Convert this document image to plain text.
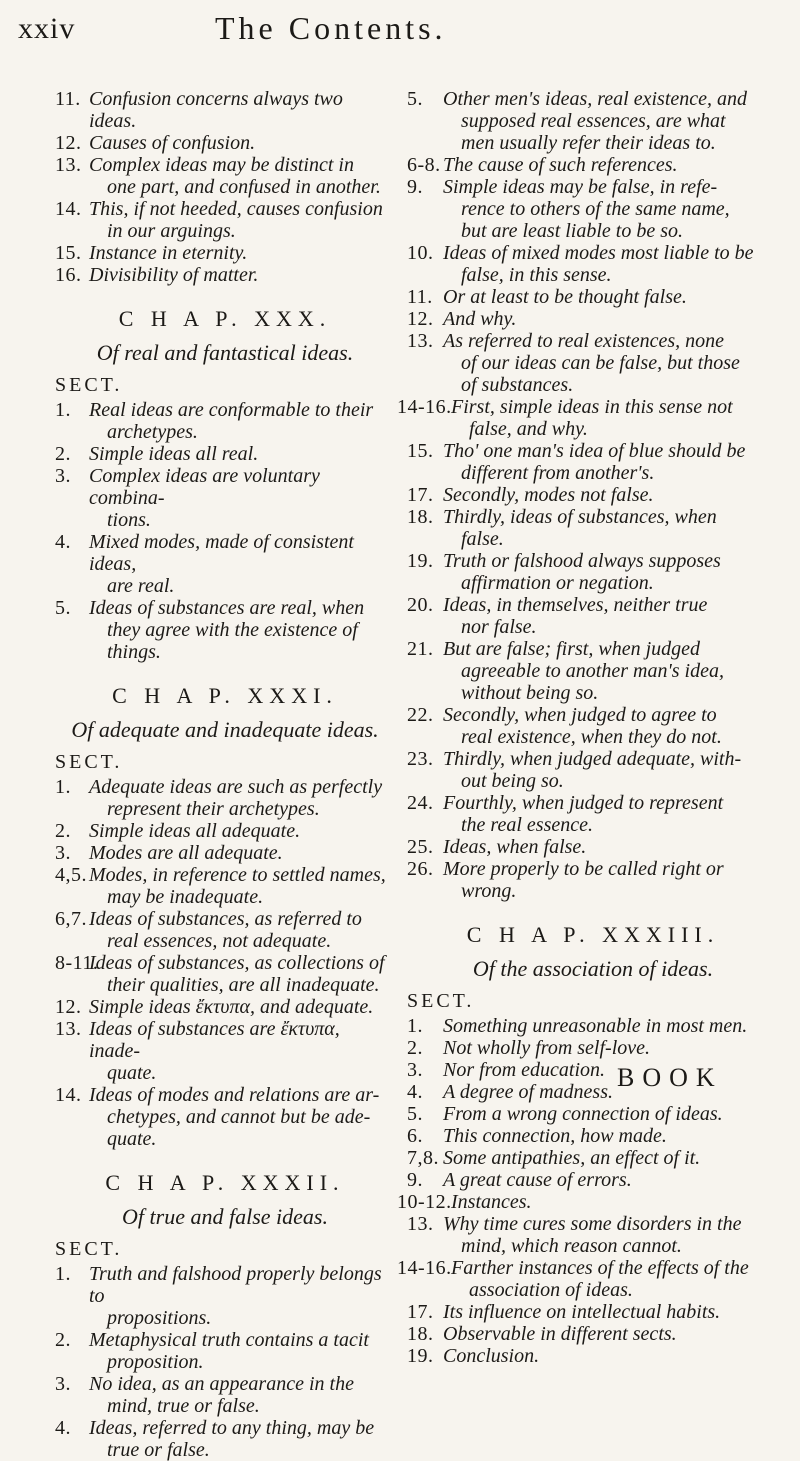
xxiv	The Contents.
11. Confusion concerns always two ideas.
12. Causes of confusion.
13. Complex ideas may be distinct in
one part, and confused in another.
14. This, if not heeded, causes confusion
in our arguings.
15. Instance in eternity.
16. Divisibility of matter.
C H A P. XXX.
Of real and fantastical ideas.
SECT.
1. Real ideas are conformable to their
archetypes.
2. Simple ideas all real.
3. Complex ideas are voluntary combina-
tions.
4. Mixed modes, made of consistent ideas,
are real.
5. Ideas of substances are real, when
they agree with the existence of
things.
C H A P. XXXI.
Of adequate and inadequate ideas.
SECT.
1. Adequate ideas are such as perfectly
represent their archetypes.
2. Simple ideas all adequate.
3. Modes are all adequate.
4,5. Modes, in reference to settled names,
may be inadequate.
6,7. Ideas of substances, as referred to
real essences, not adequate.
8-11.
Ideas of substances, as collections of
their qualities, are all inadequate.
12. Simple ideas ἔκτυπα, and adequate.
13. Ideas of substances are ἔκτυπα, inade-
quate.
14. Ideas of modes and relations are ar-
chetypes, and cannot but be ade-
quate.
C H A P. XXXII.
Of true and false ideas.
SECT.
1. Truth and falshood properly belongs to
propositions.
2. Metaphysical truth contains a tacit
proposition.
3. No idea, as an appearance in the
mind, true or false.
4. Ideas, referred to any thing, may be
true or false.
5. Other men's ideas, real existence, and
supposed real essences, are what
men usually refer their ideas to.
6-8. The cause of such references.
9. Simple ideas may be false, in refe-
rence to others of the same name,
but are least liable to be so.
10. Ideas of mixed modes most liable to be
false, in this sense.
11. Or at least to be thought false.
12. And why.
13. As referred to real existences, none
of our ideas can be false, but those
of substances.
14-16. First, simple ideas in this sense not
false, and why.
15. Tho' one man's idea of blue should be
different from another's.
17. Secondly, modes not false.
18. Thirdly, ideas of substances, when
false.
19. Truth or falshood always supposes
affirmation or negation.
20. Ideas, in themselves, neither true
nor false.
21. But are false; first, when judged
agreeable to another man's idea,
without being so.
22. Secondly, when judged to agree to
real existence, when they do not.
23. Thirdly, when judged adequate, with-
out being so.
24. Fourthly, when judged to represent
the real essence.
25. Ideas, when false.
26. More properly to be called right or
wrong.
C H A P. XXXIII.
Of the association of ideas.
SECT.
1. Something unreasonable in most men.
2. Not wholly from self-love.
3. Nor from education.
4. A degree of madness.
5. From a wrong connection of ideas.
6. This connection, how made.
7,8. Some antipathies, an effect of it.
9. A great cause of errors.
10-12. Instances.
13. Why time cures some disorders in the
mind, which reason cannot.
14-16. Farther instances of the effects of the
association of ideas.
17. Its influence on intellectual habits.
18. Observable in different sects.
19. Conclusion.
BOOK
